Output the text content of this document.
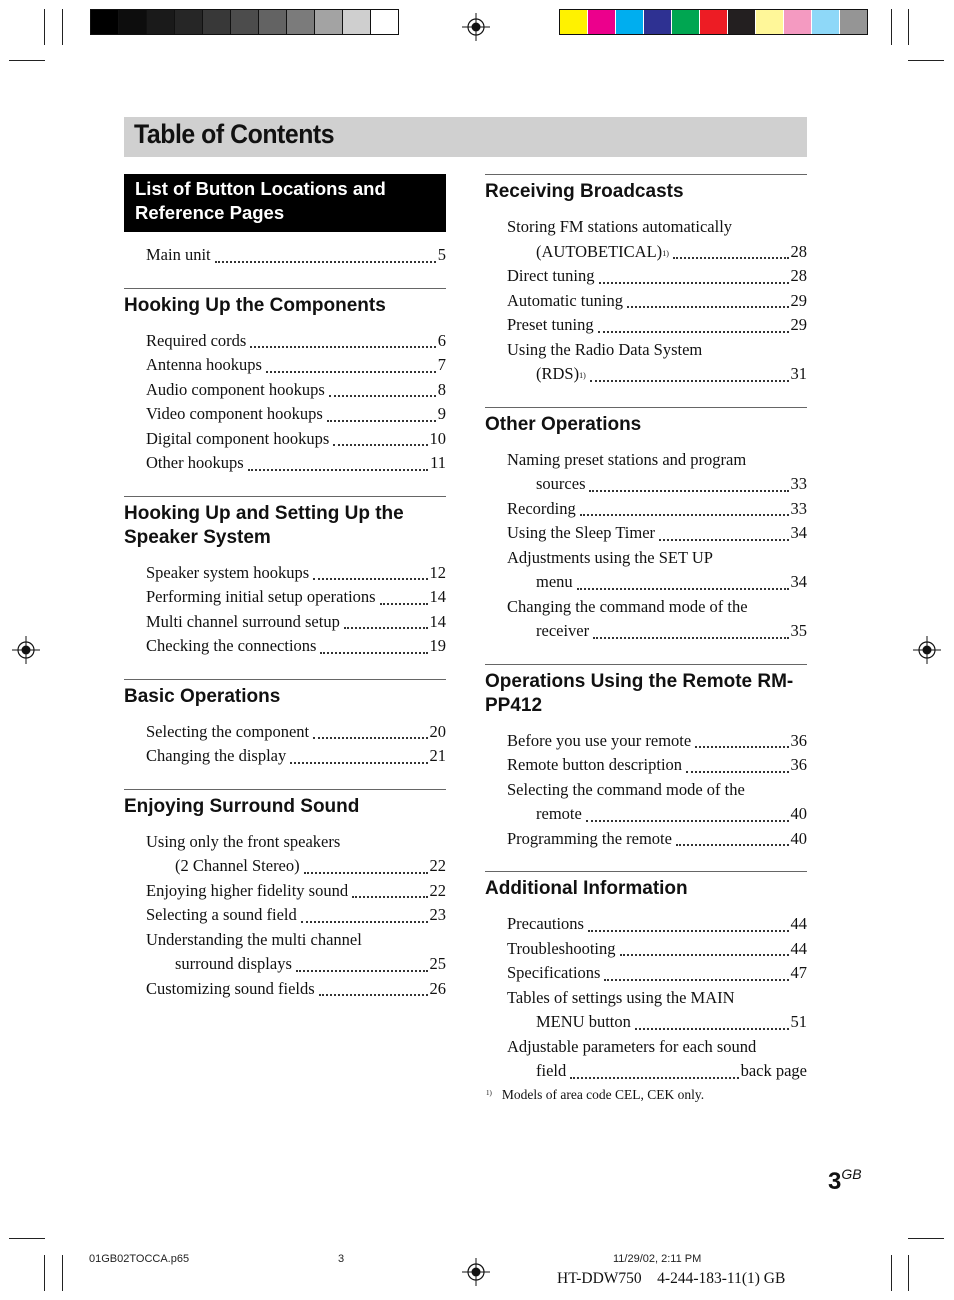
Table of Contents
List of Button Locations and Reference Pages
Main unit	5
Hooking Up the Components
Required cords	6
Antenna hookups	7
Audio component hookups	8
Video component hookups	9
Digital component hookups	10
Other hookups	11
Hooking Up and Setting Up the Speaker System
Speaker system hookups	12
Performing initial setup operations	14
Multi channel surround setup	14
Checking the connections	19
Basic Operations
Selecting the component	20
Changing the display	21
Enjoying Surround Sound
Using only the front speakers
(2 Channel Stereo)	22
Enjoying higher fidelity sound	22
Selecting a sound field	23
Understanding the multi channel
surround displays	25
Customizing sound fields	26
Receiving Broadcasts
Storing FM stations automatically
(AUTOBETICAL)$^{1)}$	28
Direct tuning	28
Automatic tuning	29
Preset tuning	29
Using the Radio Data System
(RDS)$^{1)}$	31
Other Operations
Naming preset stations and program
sources	33
Recording	33
Using the Sleep Timer	34
Adjustments using the SET UP
menu	34
Changing the command mode of the
receiver	35
Operations Using the Remote RM-PP412
Before you use your remote	36
Remote button description	36
Selecting the command mode of the
remote	40
Programming the remote	40
Additional Information
Precautions	44
Troubleshooting	44
Specifications	47
Tables of settings using the MAIN
MENU button	51
Adjustable parameters for each sound
field	back page
$^{1)}$ Models of area code CEL, CEK only.
$3^{GB}$
01GB02TOCCA.p65	3	11/29/02, 2:11 PM
HT-DDW750    4-244-183-11(1) GB
